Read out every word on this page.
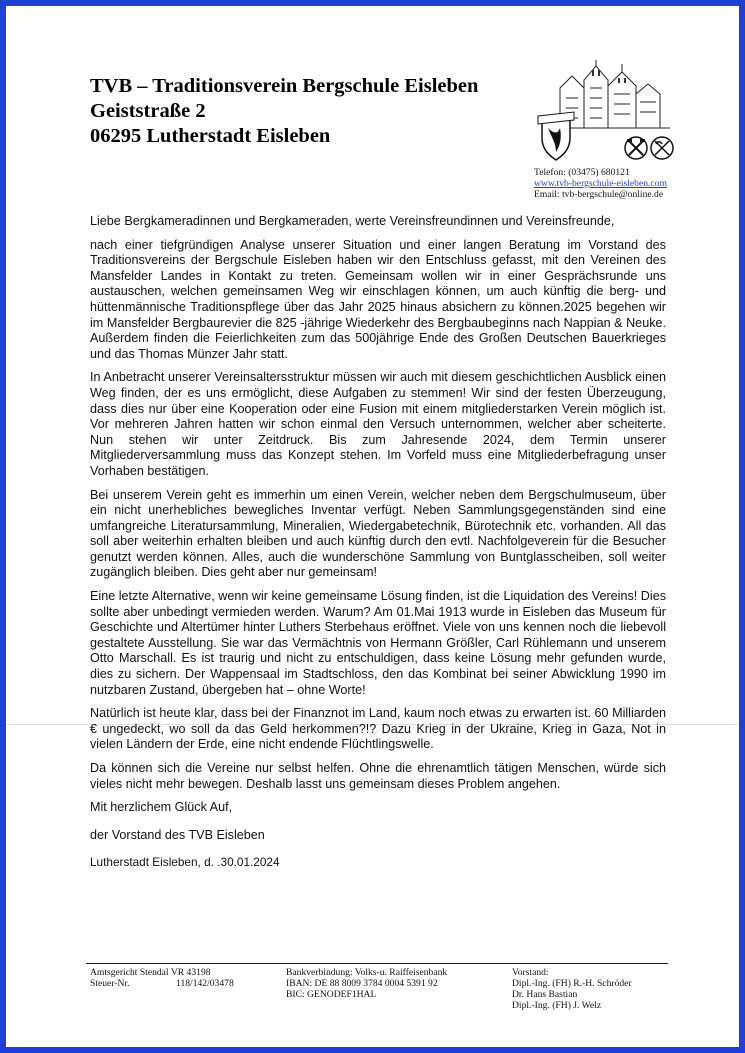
TVB – Traditionsverein Bergschule Eisleben
Geiststraße 2
06295 Lutherstadt Eisleben
Telefon: (03475) 680121
www.tvb-bergschule-eisleben.com
Email: tvb-bergschule@online.de

Liebe Bergkameradinnen und Bergkameraden, werte Vereinsfreundinnen und Vereinsfreunde,

nach einer tiefgründigen Analyse unserer Situation und einer langen Beratung im Vorstand des Traditionsvereins der Bergschule Eisleben haben wir den Entschluss gefasst, mit den Vereinen des Mansfelder Landes in Kontakt zu treten. Gemeinsam wollen wir in einer Gesprächsrunde uns austauschen, welchen gemeinsamen Weg wir einschlagen können, um auch künftig die berg- und hüttenmännische Traditionspflege über das Jahr 2025 hinaus absichern zu können.2025 begehen wir im Mansfelder Bergbaurevier die 825 -jährige Wiederkehr des Bergbaubeginns nach Nappian & Neuke. Außerdem finden die Feierlichkeiten zum das 500jährige Ende des Großen Deutschen Bauerkrieges und das Thomas Münzer Jahr statt.

In Anbetracht unserer Vereinsaltersstruktur müssen wir auch mit diesem geschichtlichen Ausblick einen Weg finden, der es uns ermöglicht, diese Aufgaben zu stemmen! Wir sind der festen Überzeugung, dass dies nur über eine Kooperation oder eine Fusion mit einem mitgliederstarken Verein möglich ist. Vor mehreren Jahren hatten wir schon einmal den Versuch unternommen, welcher aber scheiterte. Nun stehen wir unter Zeitdruck. Bis zum Jahresende 2024, dem Termin unserer Mitgliederversammlung muss das Konzept stehen. Im Vorfeld muss eine Mitgliederbefragung unser Vorhaben bestätigen.

Bei unserem Verein geht es immerhin um einen Verein, welcher neben dem Bergschulmuseum, über ein nicht unerhebliches bewegliches Inventar verfügt. Neben Sammlungsgegenständen sind eine umfangreiche Literatursammlung, Mineralien, Wiedergabetechnik, Bürotechnik etc. vorhanden. All das soll aber weiterhin erhalten bleiben und auch künftig durch den evtl. Nachfolgeverein für die Besucher genutzt werden können. Alles, auch die wunderschöne Sammlung von Buntglasscheiben, soll weiter zugänglich bleiben. Dies geht aber nur gemeinsam!

Eine letzte Alternative, wenn wir keine gemeinsame Lösung finden, ist die Liquidation des Vereins! Dies sollte aber unbedingt vermieden werden. Warum? Am 01.Mai 1913 wurde in Eisleben das Museum für Geschichte und Altertümer hinter Luthers Sterbehaus eröffnet. Viele von uns kennen noch die liebevoll gestaltete Ausstellung. Sie war das Vermächtnis von Hermann Größler, Carl Rühlemann und unserem Otto Marschall. Es ist traurig und nicht zu entschuldigen, dass keine Lösung mehr gefunden wurde, dies zu sichern. Der Wappensaal im Stadtschloss, den das Kombinat bei seiner Abwicklung 1990 im nutzbaren Zustand, übergeben hat – ohne Worte!

Natürlich ist heute klar, dass bei der Finanznot im Land, kaum noch etwas zu erwarten ist. 60 Milliarden € ungedeckt, wo soll da das Geld herkommen?!? Dazu Krieg in der Ukraine, Krieg in Gaza, Not in vielen Ländern der Erde, eine nicht endende Flüchtlingswelle.

Da können sich die Vereine nur selbst helfen. Ohne die ehrenamtlich tätigen Menschen, würde sich vieles nicht mehr bewegen. Deshalb lasst uns gemeinsam dieses Problem angehen.

Mit herzlichem Glück Auf,

der Vorstand des TVB Eisleben

Lutherstadt Eisleben, d. .30.01.2024

Amtsgericht Stendal VR 43198
Steuer-Nr.	118/142/03478
Bankverbindung: Volks-u. Raiffeisenbank
IBAN: DE 88 8009 3784 0004 5391 92
BIC: GENODEF1HAL
Vorstand:
Dipl.-Ing. (FH) R.-H. Schröder
Dr. Hans Bastian
Dipl.-Ing. (FH) J. Welz
